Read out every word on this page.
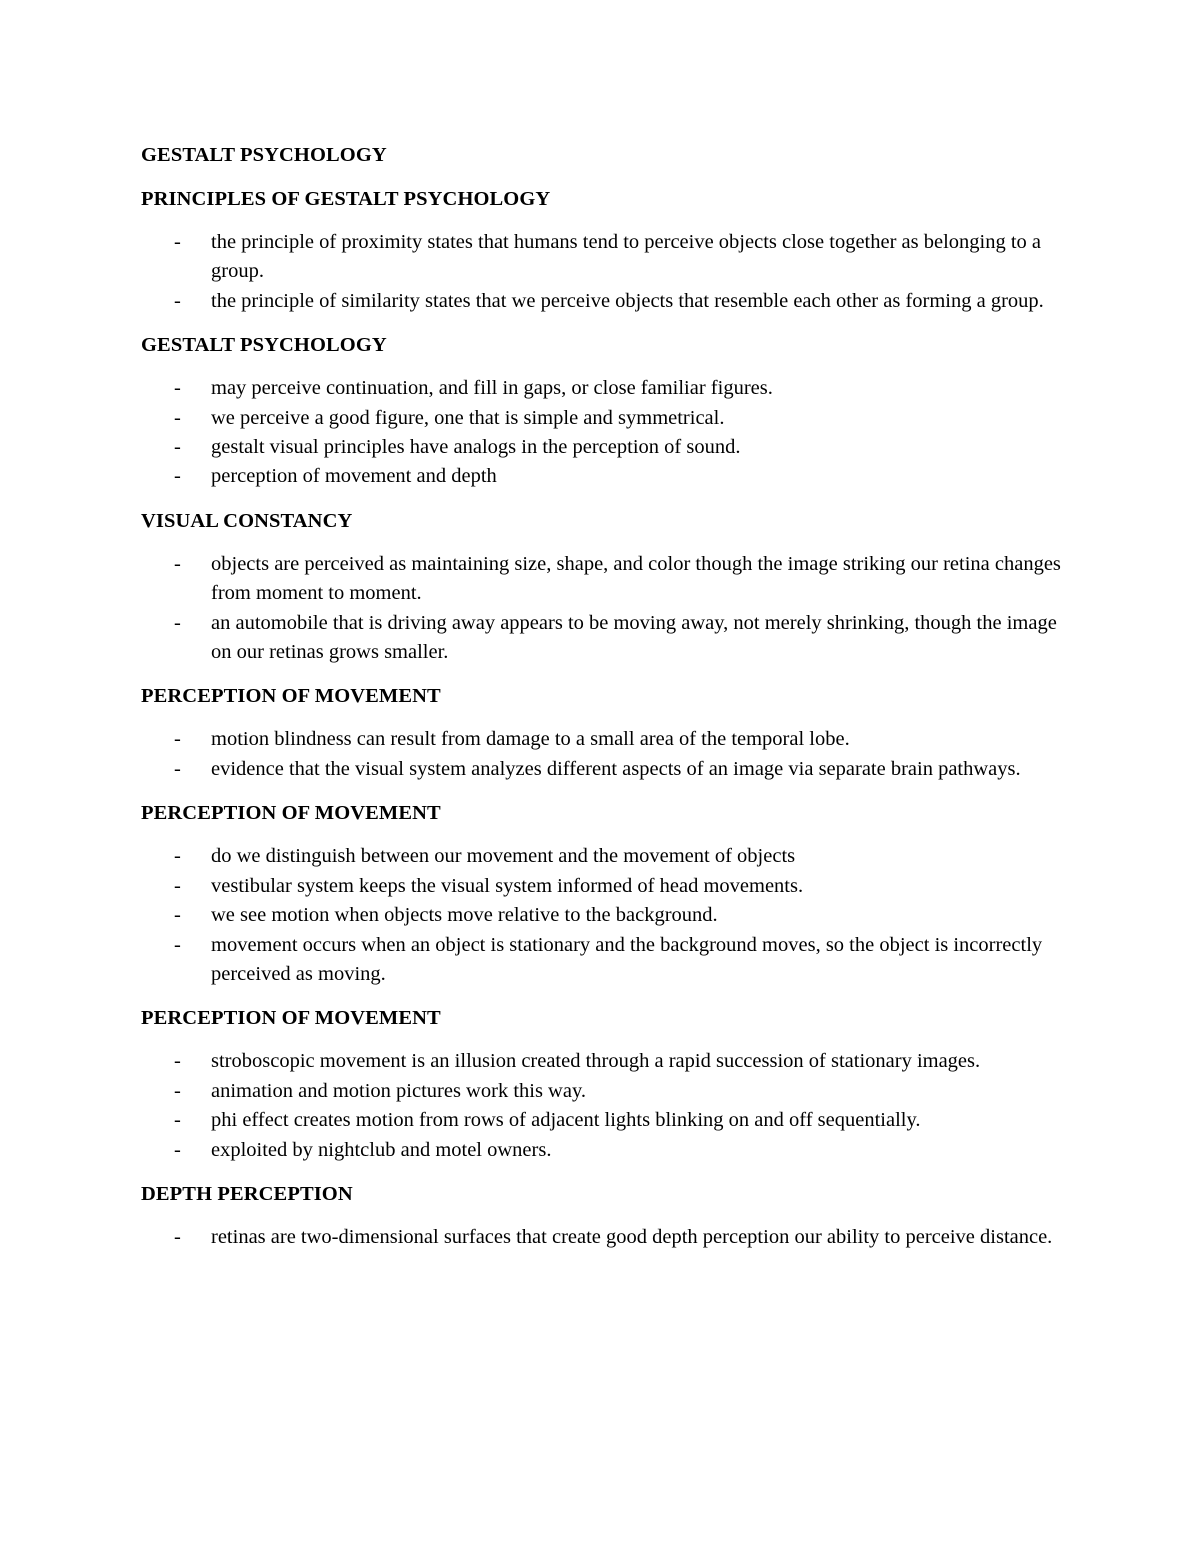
GESTALT PSYCHOLOGY
PRINCIPLES OF GESTALT PSYCHOLOGY
- the principle of proximity states that humans tend to perceive objects close together as belonging to a group.
- the principle of similarity states that we perceive objects that resemble each other as forming a group.
GESTALT PSYCHOLOGY
- may perceive continuation, and fill in gaps, or close familiar figures.
- we perceive a good figure, one that is simple and symmetrical.
- gestalt visual principles have analogs in the perception of sound.
- perception of movement and depth
VISUAL CONSTANCY
- objects are perceived as maintaining size, shape, and color though the image striking our retina changes from moment to moment.
- an automobile that is driving away appears to be moving away, not merely shrinking, though the image on our retinas grows smaller.
PERCEPTION OF MOVEMENT
- motion blindness can result from damage to a small area of the temporal lobe.
- evidence that the visual system analyzes different aspects of an image via separate brain pathways.
PERCEPTION OF MOVEMENT
- do we distinguish between our movement and the movement of objects
- vestibular system keeps the visual system informed of head movements.
- we see motion when objects move relative to the background.
- movement occurs when an object is stationary and the background moves, so the object is incorrectly perceived as moving.
PERCEPTION OF MOVEMENT
- stroboscopic movement is an illusion created through a rapid succession of stationary images.
- animation and motion pictures work this way.
- phi effect creates motion from rows of adjacent lights blinking on and off sequentially.
- exploited by nightclub and motel owners.
DEPTH PERCEPTION
- retinas are two-dimensional surfaces that create good depth perception our ability to perceive distance.
